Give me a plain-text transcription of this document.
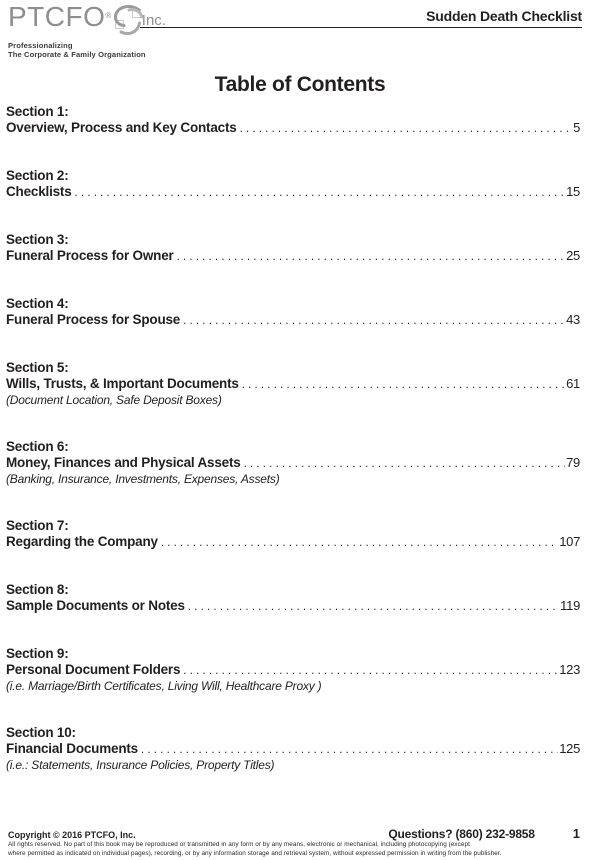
PTCFO® Inc.
Professionalizing
The Corporate & Family Organization
Sudden Death Checklist
Table of Contents
Section 1:
Overview, Process and Key Contacts .....	5
Section 2:
Checklists .....	15
Section 3:
Funeral Process for Owner .....	25
Section 4:
Funeral Process for Spouse .....	43
Section 5:
Wills, Trusts, & Important Documents .....	61
(Document Location, Safe Deposit Boxes)
Section 6:
Money, Finances and Physical Assets .....	79
(Banking, Insurance, Investments, Expenses, Assets)
Section 7:
Regarding the Company .....	107
Section 8:
Sample Documents or Notes .....	119
Section 9:
Personal Document Folders .....	123
(i.e. Marriage/Birth Certificates, Living Will, Healthcare Proxy )
Section 10:
Financial Documents .....	125
(i.e.: Statements, Insurance Policies, Property Titles)
Copyright © 2016 PTCFO, Inc.	Questions? (860) 232-9858	1
All rights reserved. No part of this book may be reproduced or transmitted in any form or by any means, electronic or mechanical, including photocopying (except
where permitted as indicated on individual pages), recording, or by any information storage and retrieval system, without expressed permission in writing from the publisher.
